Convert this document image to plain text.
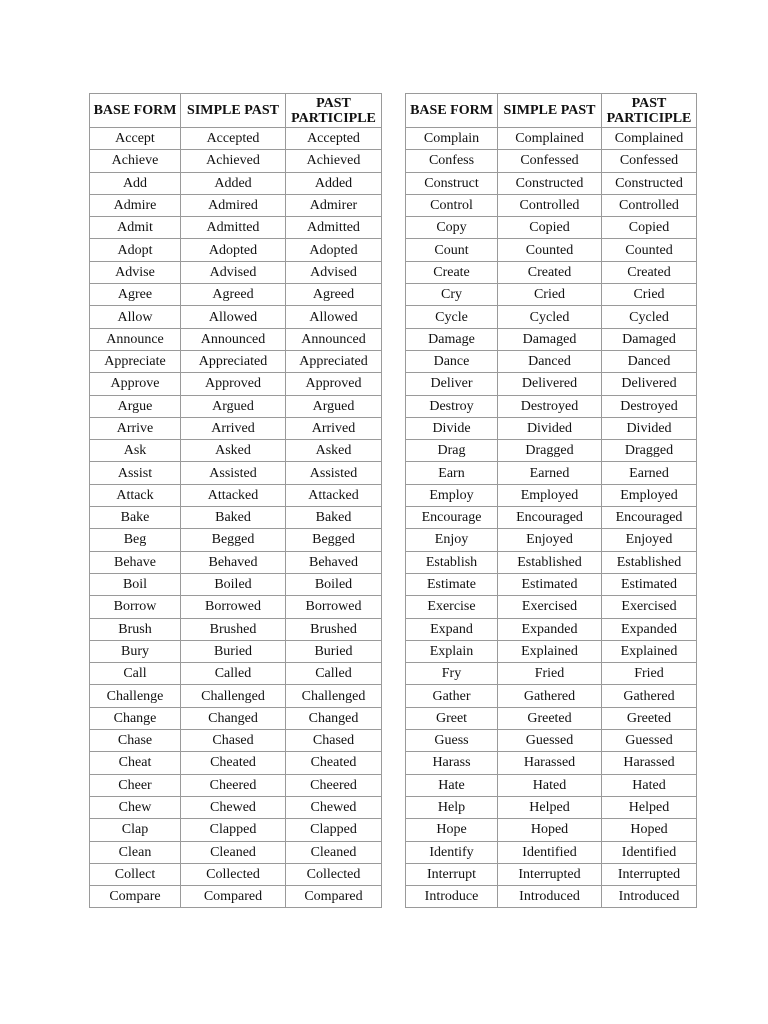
BASE FORM	SIMPLE PAST	PAST PARTICIPLE
Accept	Accepted	Accepted
Achieve	Achieved	Achieved
Add	Added	Added
Admire	Admired	Admirer
Admit	Admitted	Admitted
Adopt	Adopted	Adopted
Advise	Advised	Advised
Agree	Agreed	Agreed
Allow	Allowed	Allowed
Announce	Announced	Announced
Appreciate	Appreciated	Appreciated
Approve	Approved	Approved
Argue	Argued	Argued
Arrive	Arrived	Arrived
Ask	Asked	Asked
Assist	Assisted	Assisted
Attack	Attacked	Attacked
Bake	Baked	Baked
Beg	Begged	Begged
Behave	Behaved	Behaved
Boil	Boiled	Boiled
Borrow	Borrowed	Borrowed
Brush	Brushed	Brushed
Bury	Buried	Buried
Call	Called	Called
Challenge	Challenged	Challenged
Change	Changed	Changed
Chase	Chased	Chased
Cheat	Cheated	Cheated
Cheer	Cheered	Cheered
Chew	Chewed	Chewed
Clap	Clapped	Clapped
Clean	Cleaned	Cleaned
Collect	Collected	Collected
Compare	Compared	Compared
BASE FORM	SIMPLE PAST	PAST PARTICIPLE
Complain	Complained	Complained
Confess	Confessed	Confessed
Construct	Constructed	Constructed
Control	Controlled	Controlled
Copy	Copied	Copied
Count	Counted	Counted
Create	Created	Created
Cry	Cried	Cried
Cycle	Cycled	Cycled
Damage	Damaged	Damaged
Dance	Danced	Danced
Deliver	Delivered	Delivered
Destroy	Destroyed	Destroyed
Divide	Divided	Divided
Drag	Dragged	Dragged
Earn	Earned	Earned
Employ	Employed	Employed
Encourage	Encouraged	Encouraged
Enjoy	Enjoyed	Enjoyed
Establish	Established	Established
Estimate	Estimated	Estimated
Exercise	Exercised	Exercised
Expand	Expanded	Expanded
Explain	Explained	Explained
Fry	Fried	Fried
Gather	Gathered	Gathered
Greet	Greeted	Greeted
Guess	Guessed	Guessed
Harass	Harassed	Harassed
Hate	Hated	Hated
Help	Helped	Helped
Hope	Hoped	Hoped
Identify	Identified	Identified
Interrupt	Interrupted	Interrupted
Introduce	Introduced	Introduced
